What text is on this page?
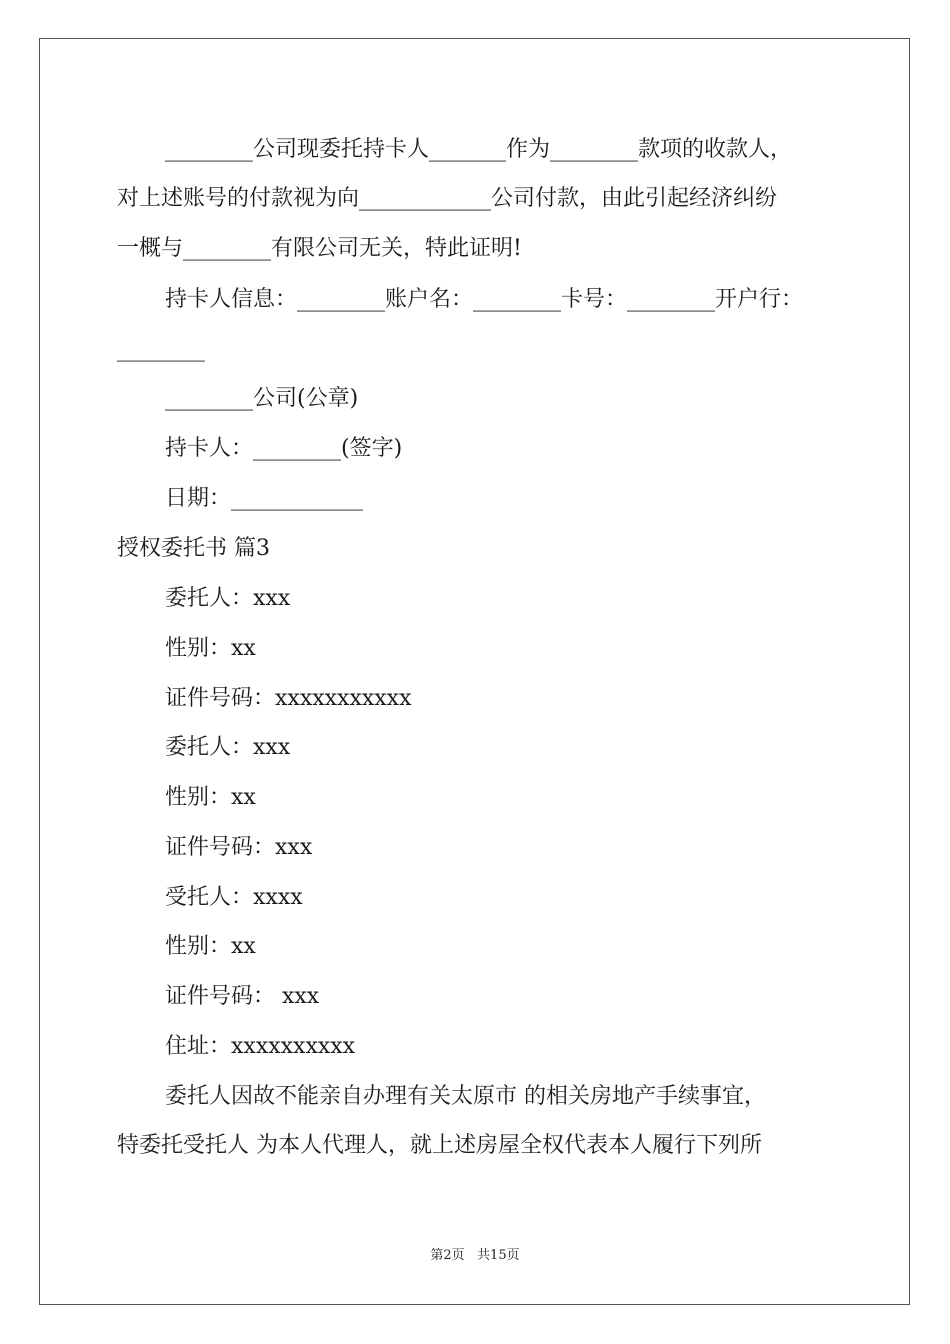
________公司现委托持卡人_______作为________款项的收款人，
对上述账号的付款视为向____________公司付款，由此引起经济纠纷
一概与________有限公司无关，特此证明!
持卡人信息：________账户名：________卡号：________开户行：
________
________公司(公章)
持卡人：________(签字)
日期：____________
授权委托书 篇3
委托人：xxx
性别：xx
证件号码：xxxxxxxxxxx
委托人：xxx
性别：xx
证件号码：xxx
受托人：xxxx
性别：xx
证件号码： xxx
住址：xxxxxxxxxx
委托人因故不能亲自办理有关太原市 的相关房地产手续事宜，
特委托受托人 为本人代理人，就上述房屋全权代表本人履行下列所
第2页   共15页
